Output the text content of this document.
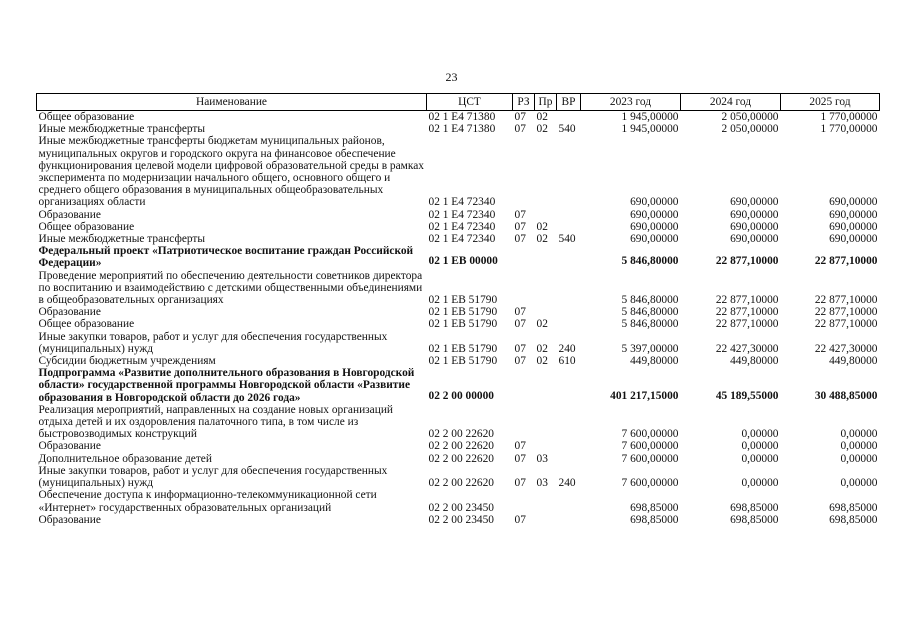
23
Наименование	ЦСТ	РЗ	Пр	ВР	2023 год	2024 год	2025 год
Общее образование	02 1 Е4 71380	07	02		1 945,00000	2 050,00000	1 770,00000
Иные межбюджетные трансферты	02 1 Е4 71380	07	02	540	1 945,00000	2 050,00000	1 770,00000
Иные межбюджетные трансферты бюджетам муниципальных районов, муниципальных округов и городского округа на финансовое обеспечение функционирования целевой модели цифровой образовательной среды в рамках эксперимента по модернизации начального общего, основного общего и среднего общего образования в муниципальных общеобразовательных организациях области	02 1 Е4 72340				690,00000	690,00000	690,00000
Образование	02 1 Е4 72340	07			690,00000	690,00000	690,00000
Общее образование	02 1 Е4 72340	07	02		690,00000	690,00000	690,00000
Иные межбюджетные трансферты	02 1 Е4 72340	07	02	540	690,00000	690,00000	690,00000
Федеральный проект «Патриотическое воспитание граждан Российской Федерации»	02 1 ЕВ 00000				5 846,80000	22 877,10000	22 877,10000
Проведение мероприятий по обеспечению деятельности советников директора по воспитанию и взаимодействию с детскими общественными объединениями в общеобразовательных организациях	02 1 ЕВ 51790				5 846,80000	22 877,10000	22 877,10000
Образование	02 1 ЕВ 51790	07			5 846,80000	22 877,10000	22 877,10000
Общее образование	02 1 ЕВ 51790	07	02		5 846,80000	22 877,10000	22 877,10000
Иные закупки товаров, работ и услуг для обеспечения государственных (муниципальных) нужд	02 1 ЕВ 51790	07	02	240	5 397,00000	22 427,30000	22 427,30000
Субсидии бюджетным учреждениям	02 1 ЕВ 51790	07	02	610	449,80000	449,80000	449,80000
Подпрограмма «Развитие дополнительного образования в Новгородской области» государственной программы Новгородской области «Развитие образования в Новгородской области до 2026 года»	02 2 00 00000				401 217,15000	45 189,55000	30 488,85000
Реализация мероприятий, направленных на создание новых организаций отдыха детей и их оздоровления палаточного типа, в том числе из быстровозводимых конструкций	02 2 00 22620				7 600,00000	0,00000	0,00000
Образование	02 2 00 22620	07			7 600,00000	0,00000	0,00000
Дополнительное образование детей	02 2 00 22620	07	03		7 600,00000	0,00000	0,00000
Иные закупки товаров, работ и услуг для обеспечения государственных (муниципальных) нужд	02 2 00 22620	07	03	240	7 600,00000	0,00000	0,00000
Обеспечение доступа к информационно-телекоммуникационной сети «Интернет» государственных образовательных организаций	02 2 00 23450				698,85000	698,85000	698,85000
Образование	02 2 00 23450	07			698,85000	698,85000	698,85000
